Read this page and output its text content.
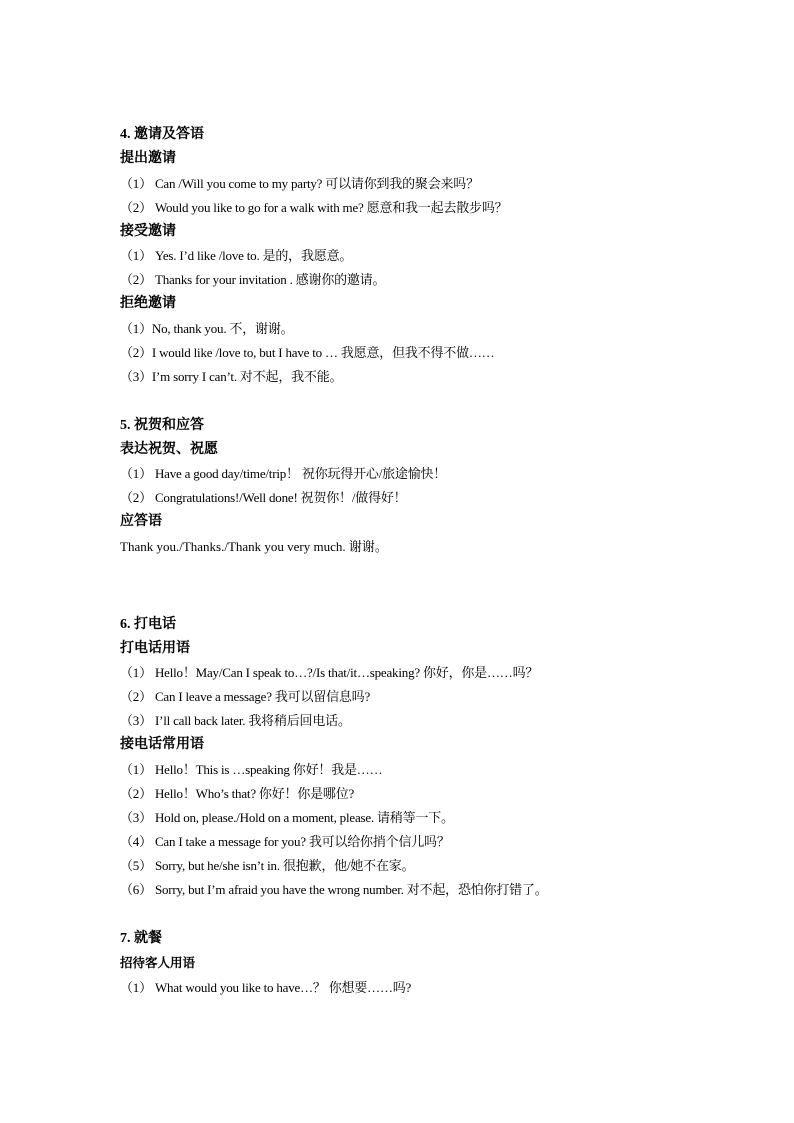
4. 邀请及答语
提出邀请
（1） Can /Will you come to my party? 可以请你到我的聚会来吗？
（2） Would you like to go for a walk with me? 愿意和我一起去散步吗？
接受邀请
（1） Yes. I’d like /love to. 是的，我愿意。
（2） Thanks for your invitation . 感谢你的邀请。
拒绝邀请
（1）No, thank you. 不，谢谢。
（2）I would like /love to, but I have to … 我愿意，但我不得不做……
（3）I’m sorry I can’t. 对不起，我不能。
5. 祝贺和应答
表达祝贺、祝愿
（1） Have a good day/time/trip！ 祝你玩得开心/旅途愉快！
（2） Congratulations!/Well done! 祝贺你！/做得好！
应答语
Thank you./Thanks./Thank you very much. 谢谢。
6. 打电话
打电话用语
（1） Hello！May/Can I speak to…?/Is that/it…speaking? 你好，你是……吗？
（2） Can I leave a message? 我可以留信息吗?
（3） I’ll call back later. 我将稍后回电话。
接电话常用语
（1） Hello！This is …speaking 你好！我是……
（2） Hello！Who’s that? 你好！你是哪位?
（3） Hold on, please./Hold on a moment, please. 请稍等一下。
（4） Can I take a message for you? 我可以给你捎个信儿吗？
（5） Sorry, but he/she isn’t in. 很抱歉，他/她不在家。
（6） Sorry, but I’m afraid you have the wrong number. 对不起，恐怕你打错了。
7. 就餐
招待客人用语
（1） What would you like to have…？ 你想要……吗?
